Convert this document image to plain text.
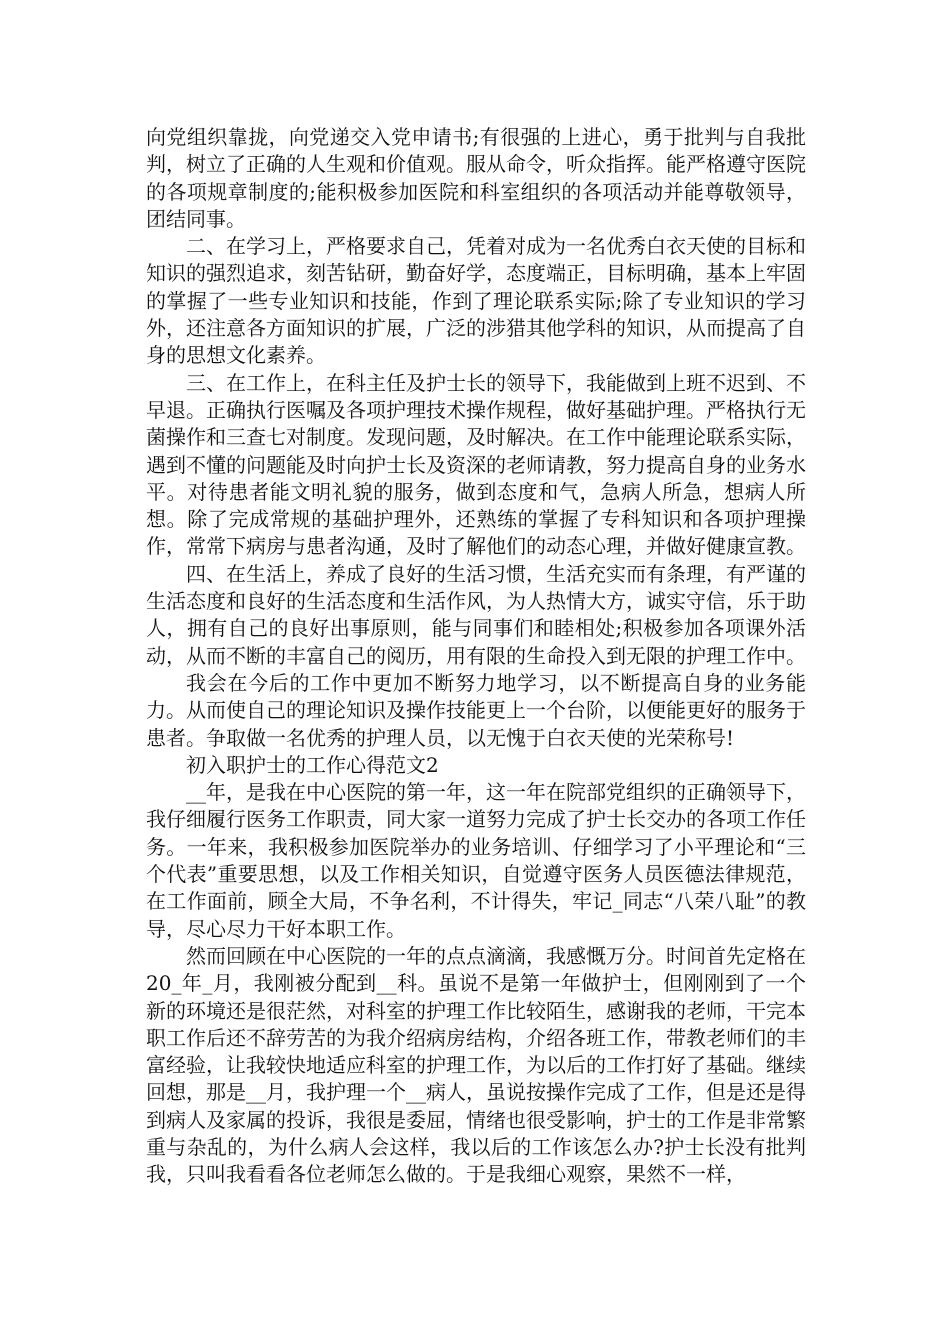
向党组织靠拢，向党递交入党申请书;有很强的上进心，勇于批判与自我批判，树立了正确的人生观和价值观。服从命令，听众指挥。能严格遵守医院的各项规章制度的;能积极参加医院和科室组织的各项活动并能尊敬领导，团结同事。

二、在学习上，严格要求自己，凭着对成为一名优秀白衣天使的目标和知识的强烈追求，刻苦钻研，勤奋好学，态度端正，目标明确，基本上牢固的掌握了一些专业知识和技能，作到了理论联系实际;除了专业知识的学习外，还注意各方面知识的扩展，广泛的涉猎其他学科的知识，从而提高了自身的思想文化素养。

三、在工作上，在科主任及护士长的领导下，我能做到上班不迟到、不早退。正确执行医嘱及各项护理技术操作规程，做好基础护理。严格执行无菌操作和三查七对制度。发现问题，及时解决。在工作中能理论联系实际，遇到不懂的问题能及时向护士长及资深的老师请教，努力提高自身的业务水平。对待患者能文明礼貌的服务，做到态度和气，急病人所急，想病人所想。除了完成常规的基础护理外，还熟练的掌握了专科知识和各项护理操作，常常下病房与患者沟通，及时了解他们的动态心理，并做好健康宣教。

四、在生活上，养成了良好的生活习惯，生活充实而有条理，有严谨的生活态度和良好的生活态度和生活作风，为人热情大方，诚实守信，乐于助人，拥有自己的良好出事原则，能与同事们和睦相处;积极参加各项课外活动，从而不断的丰富自己的阅历，用有限的生命投入到无限的护理工作中。

我会在今后的工作中更加不断努力地学习，以不断提高自身的业务能力。从而使自己的理论知识及操作技能更上一个台阶，以便能更好的服务于患者。争取做一名优秀的护理人员，以无愧于白衣天使的光荣称号!

初入职护士的工作心得范文2

__年，是我在中心医院的第一年，这一年在院部党组织的正确领导下，我仔细履行医务工作职责，同大家一道努力完成了护士长交办的各项工作任务。一年来，我积极参加医院举办的业务培训、仔细学习了小平理论和“三个代表”重要思想，以及工作相关知识，自觉遵守医务人员医德法律规范，在工作面前，顾全大局，不争名利，不计得失，牢记_同志“八荣八耻”的教导，尽心尽力干好本职工作。

然而回顾在中心医院的一年的点点滴滴，我感慨万分。时间首先定格在20_年_月，我刚被分配到__科。虽说不是第一年做护士，但刚刚到了一个新的环境还是很茫然，对科室的护理工作比较陌生，感谢我的老师，干完本职工作后还不辞劳苦的为我介绍病房结构，介绍各班工作，带教老师们的丰富经验，让我较快地适应科室的护理工作，为以后的工作打好了基础。继续回想，那是__月，我护理一个__病人，虽说按操作完成了工作，但是还是得到病人及家属的投诉，我很是委屈，情绪也很受影响，护士的工作是非常繁重与杂乱的，为什么病人会这样，我以后的工作该怎么办?护士长没有批判我，只叫我看看各位老师怎么做的。于是我细心观察，果然不一样，
